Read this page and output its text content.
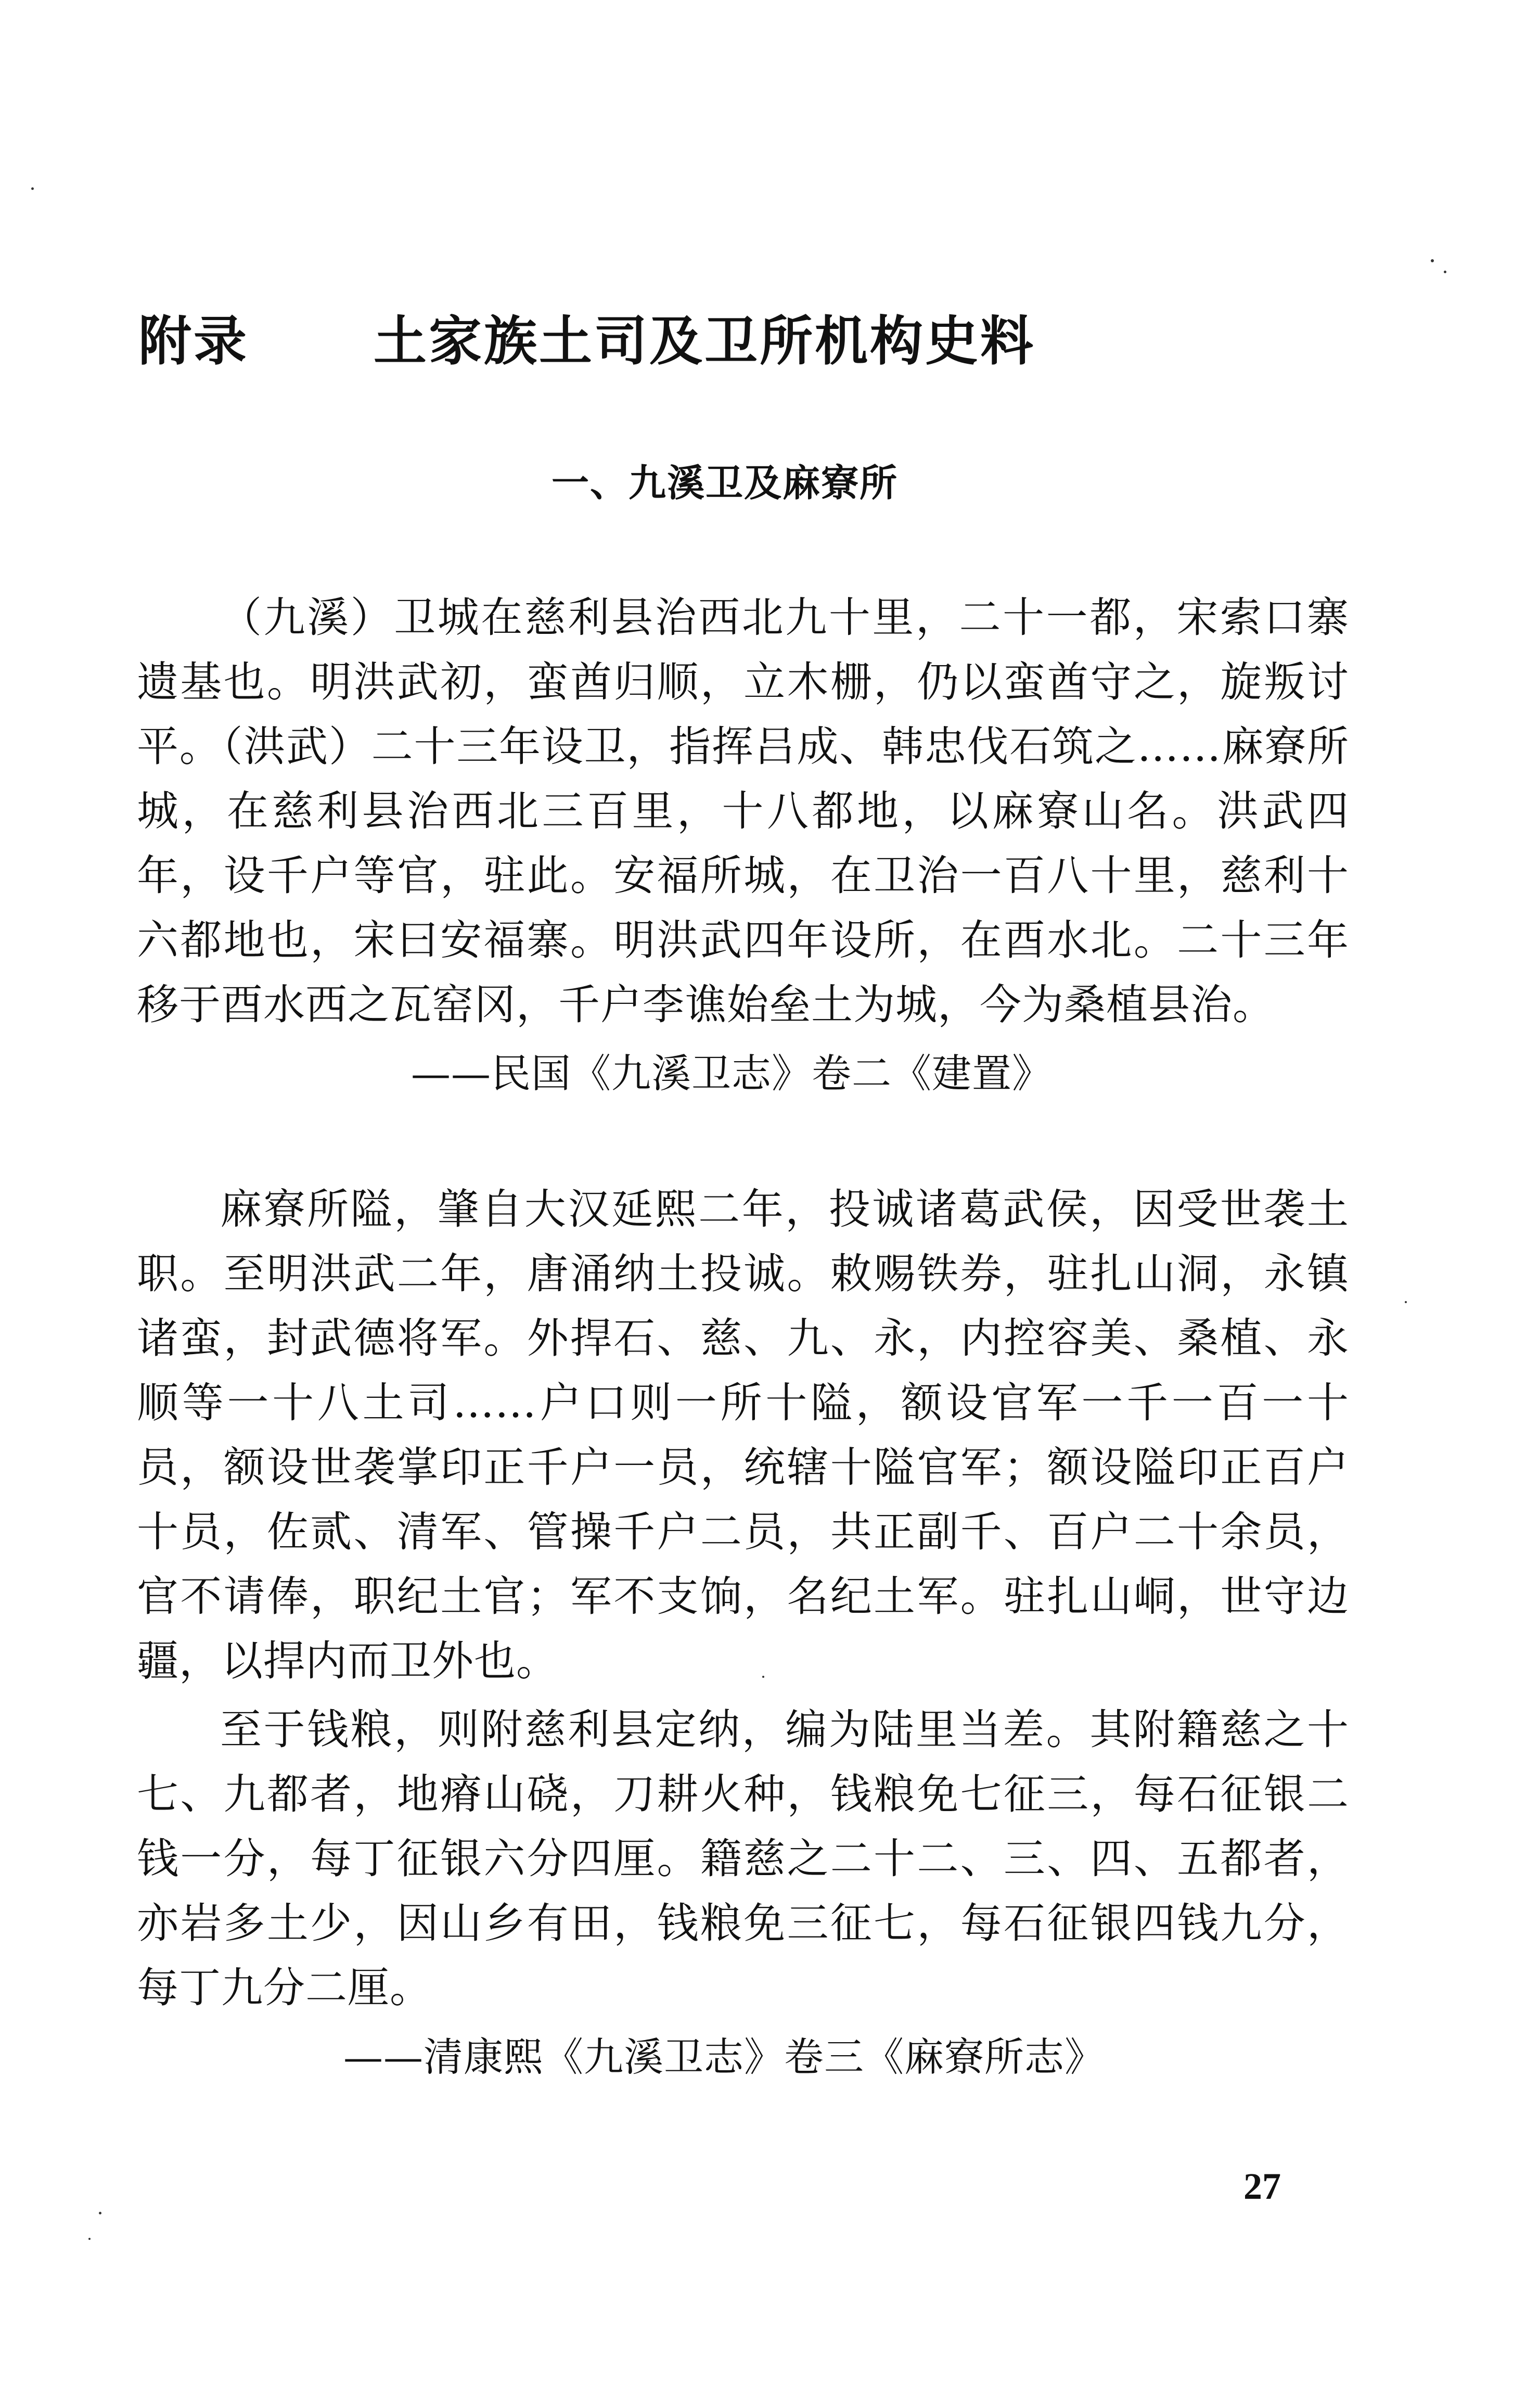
附录 土家族土司及卫所机构史料
一、九溪卫及麻寮所
（九溪）卫城在慈利县治西北九十里，二十一都，宋索口寨遗基也。明洪武初，蛮酋归顺，立木栅，仍以蛮酋守之，旋叛讨平。（洪武）二十三年设卫，指挥吕成、韩忠伐石筑之……麻寮所城，在慈利县治西北三百里，十八都地，以麻寮山名。洪武四年，设千户等官，驻此。安福所城，在卫治一百八十里，慈利十六都地也，宋曰安福寨。明洪武四年设所，在酉水北。二十三年移于酉水西之瓦窑冈，千户李谯始垒土为城，今为桑植县治。
——民国《九溪卫志》卷二《建置》
麻寮所隘，肇自大汉延熙二年，投诚诸葛武侯，因受世袭土职。至明洪武二年，唐涌纳土投诚。敕赐铁券，驻扎山洞，永镇诸蛮，封武德将军。外捍石、慈、九、永，内控容美、桑植、永顺等一十八土司……户口则一所十隘，额设官军一千一百一十员，额设世袭掌印正千户一员，统辖十隘官军；额设隘印正百户十员，佐贰、清军、管操千户二员，共正副千、百户二十余员，官不请俸，职纪土官；军不支饷，名纪土军。驻扎山峒，世守边疆，以捍内而卫外也。
至于钱粮，则附慈利县定纳，编为陆里当差。其附籍慈之十七、九都者，地瘠山硗，刀耕火种，钱粮免七征三，每石征银二钱一分，每丁征银六分四厘。籍慈之二十二、三、四、五都者，亦岩多土少，因山乡有田，钱粮免三征七，每石征银四钱九分，每丁九分二厘。
——清康熙《九溪卫志》卷三《麻寮所志》
27
